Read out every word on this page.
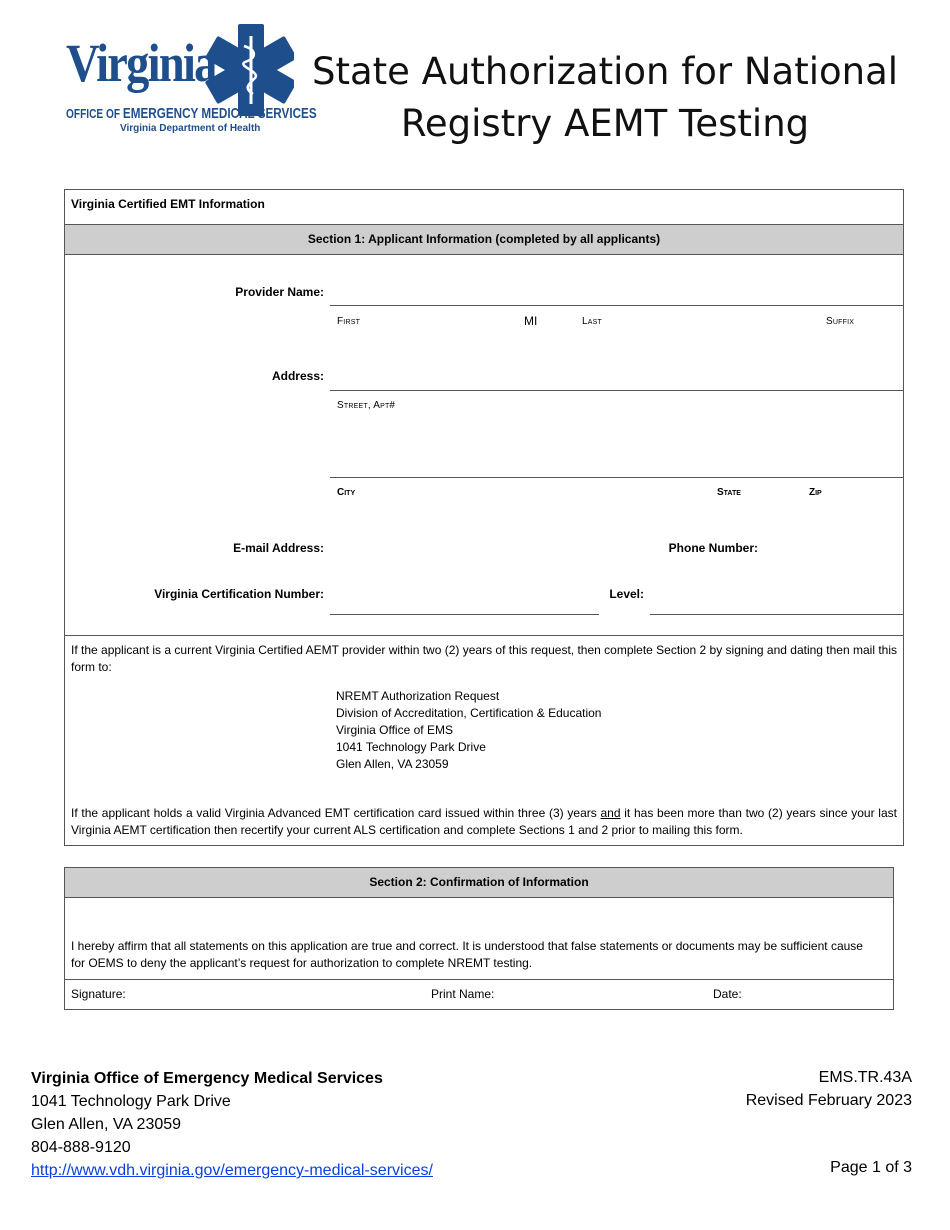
Virginia
OFFICE OF EMERGENCY MEDICAL SERVICES
Virginia Department of Health
State Authorization for National
Registry AEMT Testing
Virginia Certified EMT Information
Section 1: Applicant Information (completed by all applicants)
Provider Name:
First	MI	Last	Suffix
Address:
Street, Apt#
City	State	Zip
E-mail Address:	Phone Number:
Virginia Certification Number:	Level:
If the applicant is a current Virginia Certified AEMT provider within two (2) years of this request, then complete Section 2 by signing and dating then mail this form to:
NREMT Authorization Request
Division of Accreditation, Certification & Education
Virginia Office of EMS
1041 Technology Park Drive
Glen Allen, VA 23059
If the applicant holds a valid Virginia Advanced EMT certification card issued within three (3) years and it has been more than two (2) years since your last Virginia AEMT certification then recertify your current ALS certification and complete Sections 1 and 2 prior to mailing this form.
Section 2: Confirmation of Information
I hereby affirm that all statements on this application are true and correct. It is understood that false statements or documents may be sufficient cause for OEMS to deny the applicant’s request for authorization to complete NREMT testing.
Signature:	Print Name:	Date:
Virginia Office of Emergency Medical Services
1041 Technology Park Drive
Glen Allen, VA 23059
804-888-9120
http://www.vdh.virginia.gov/emergency-medical-services/
EMS.TR.43A
Revised February 2023
Page 1 of 3
